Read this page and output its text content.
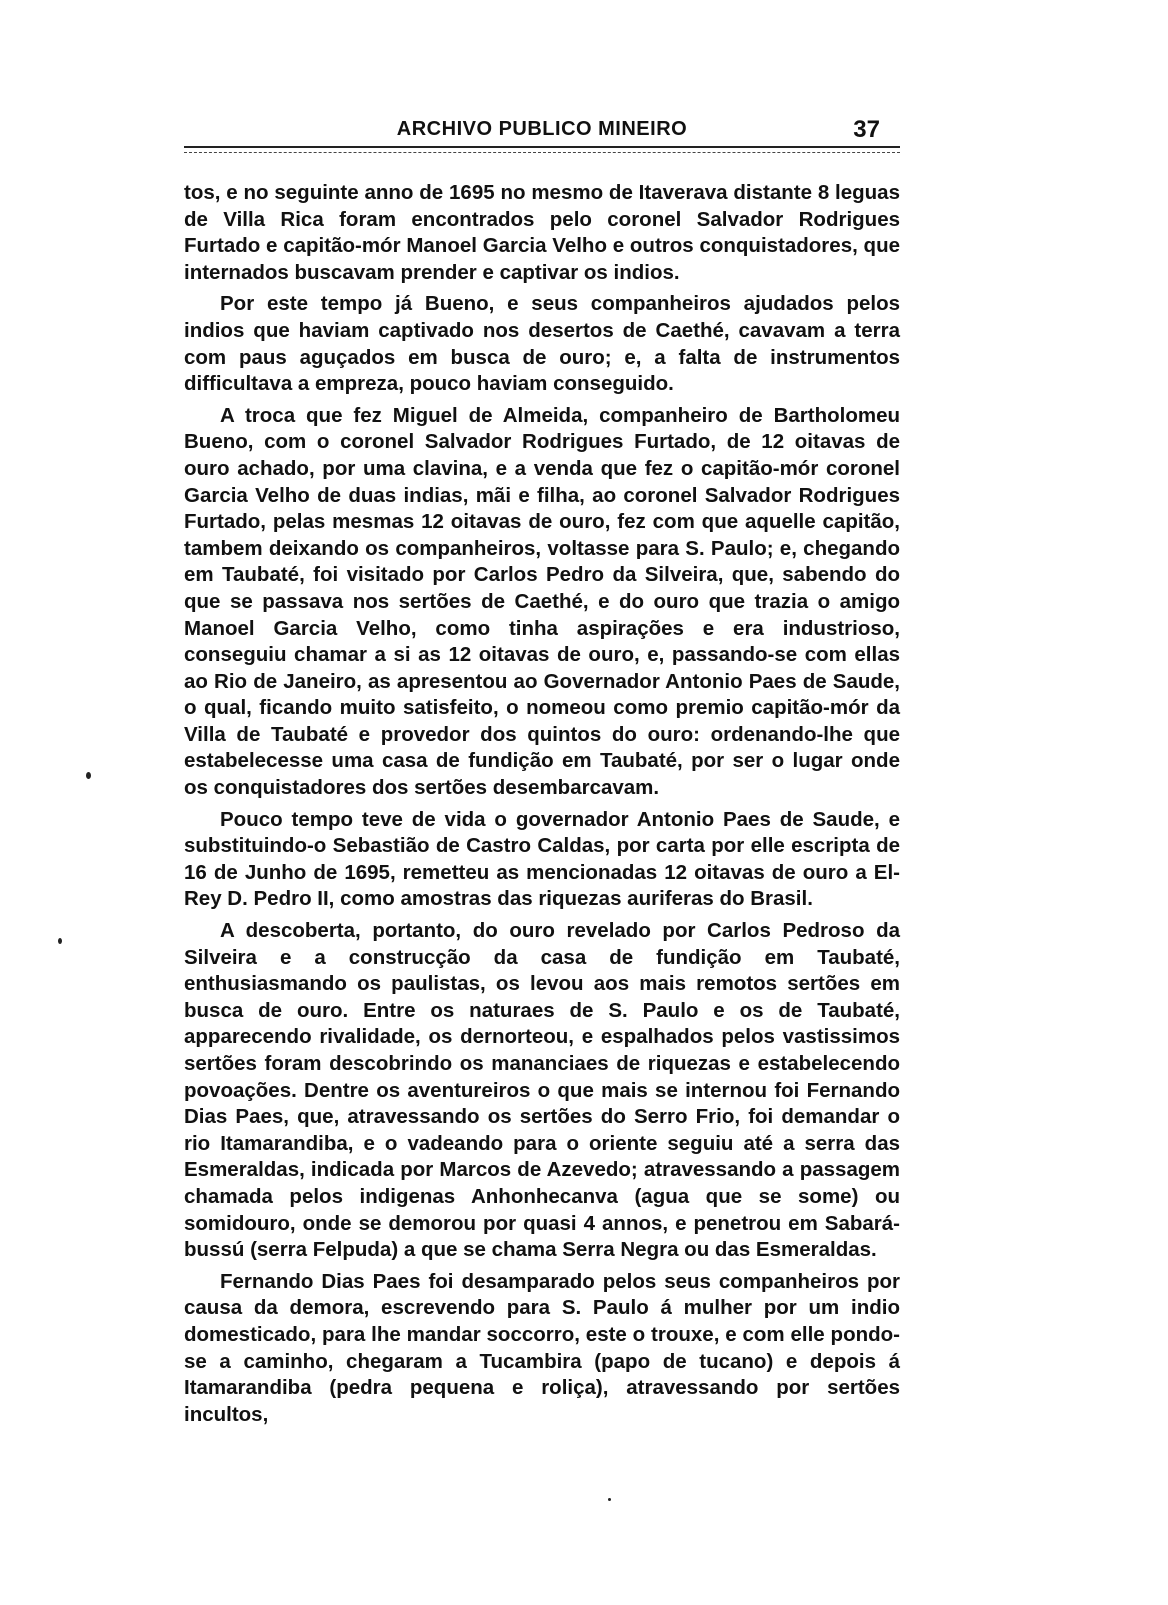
ARCHIVO PUBLICO MINEIRO	37

tos, e no seguinte anno de 1695 no mesmo de Itaverava distante 8 leguas de Villa Rica foram encontrados pelo coronel Salvador Rodrigues Furtado e capitão-mór Manoel Garcia Velho e outros conquistadores, que internados buscavam prender e captivar os indios.

Por este tempo já Bueno, e seus companheiros ajudados pelos indios que haviam captivado nos desertos de Caethé, cavavam a terra com paus aguçados em busca de ouro; e, a falta de instrumentos difficultava a empreza, pouco haviam conseguido.

A troca que fez Miguel de Almeida, companheiro de Bartholomeu Bueno, com o coronel Salvador Rodrigues Furtado, de 12 oitavas de ouro achado, por uma clavina, e a venda que fez o capitão-mór coronel Garcia Velho de duas indias, mãi e filha, ao coronel Salvador Rodrigues Furtado, pelas mesmas 12 oitavas de ouro, fez com que aquelle capitão, tambem deixando os companheiros, voltasse para S. Paulo; e, chegando em Taubaté, foi visitado por Carlos Pedro da Silveira, que, sabendo do que se passava nos sertões de Caethé, e do ouro que trazia o amigo Manoel Garcia Velho, como tinha aspirações e era industrioso, conseguiu chamar a si as 12 oitavas de ouro, e, passando-se com ellas ao Rio de Janeiro, as apresentou ao Governador Antonio Paes de Saude, o qual, ficando muito satisfeito, o nomeou como premio capitão-mór da Villa de Taubaté e provedor dos quintos do ouro: ordenando-lhe que estabelecesse uma casa de fundição em Taubaté, por ser o lugar onde os conquistadores dos sertões desembarcavam.

Pouco tempo teve de vida o governador Antonio Paes de Saude, e substituindo-o Sebastião de Castro Caldas, por carta por elle escripta de 16 de Junho de 1695, remetteu as mencionadas 12 oitavas de ouro a El-Rey D. Pedro II, como amostras das riquezas auriferas do Brasil.

A descoberta, portanto, do ouro revelado por Carlos Pedroso da Silveira e a construcção da casa de fundição em Taubaté, enthusiasmando os paulistas, os levou aos mais remotos sertões em busca de ouro. Entre os naturaes de S. Paulo e os de Taubaté, apparecendo rivalidade, os dernorteou, e espalhados pelos vastissimos sertões foram descobrindo os mananciaes de riquezas e estabelecendo povoações. Dentre os aventureiros o que mais se internou foi Fernando Dias Paes, que, atravessando os sertões do Serro Frio, foi demandar o rio Itamarandiba, e o vadeando para o oriente seguiu até a serra das Esmeraldas, indicada por Marcos de Azevedo; atravessando a passagem chamada pelos indigenas Anhonhecanva (agua que se some) ou somidouro, onde se demorou por quasi 4 annos, e penetrou em Sabará-bussú (serra Felpuda) a que se chama Serra Negra ou das Esmeraldas.

Fernando Dias Paes foi desamparado pelos seus companheiros por causa da demora, escrevendo para S. Paulo á mulher por um indio domesticado, para lhe mandar soccorro, este o trouxe, e com elle pondo-se a caminho, chegaram a Tucambira (papo de tucano) e depois á Itamarandiba (pedra pequena e roliça), atravessando por sertões incultos,
